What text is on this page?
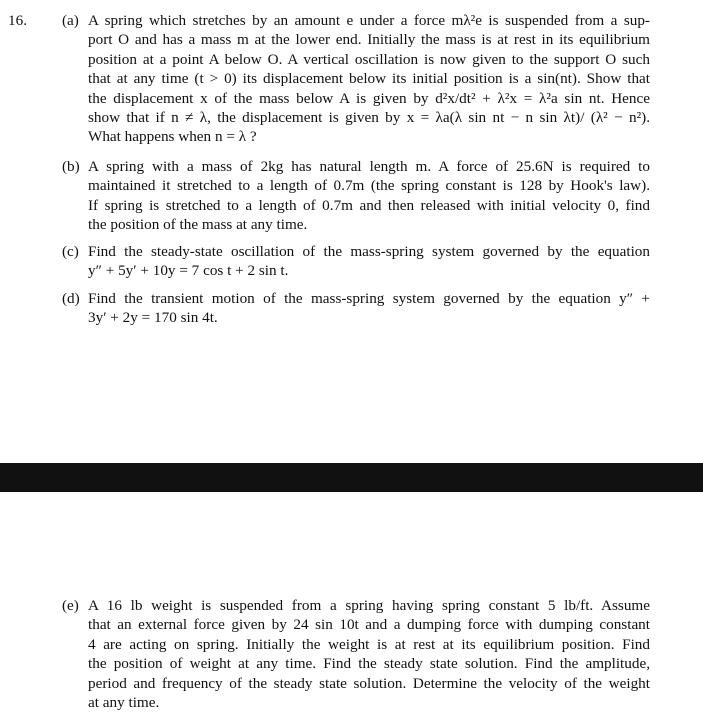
16. (a) A spring which stretches by an amount e under a force mλ²e is suspended from a sup-
port O and has a mass m at the lower end. Initially the mass is at rest in its equilibrium
position at a point A below O. A vertical oscillation is now given to the support O such
that at any time (t > 0) its displacement below its initial position is a sin(nt). Show that
the displacement x of the mass below A is given by d²x/dt² + λ²x = λ²a sin nt. Hence
show that if n ≠ λ, the displacement is given by x = λa(λ sin nt − n sin λt)/ (λ² − n²).
What happens when n = λ ?
(b) A spring with a mass of 2kg has natural length m. A force of 25.6N is required to
maintained it stretched to a length of 0.7m (the spring constant is 128 by Hook's law).
If spring is stretched to a length of 0.7m and then released with initial velocity 0, find
the position of the mass at any time.
(c) Find the steady-state oscillation of the mass-spring system governed by the equation
y″ + 5y′ + 10y = 7 cos t + 2 sin t.
(d) Find the transient motion of the mass-spring system governed by the equation y″ +
3y′ + 2y = 170 sin 4t.
(e) A 16 lb weight is suspended from a spring having spring constant 5 lb/ft. Assume
that an external force given by 24 sin 10t and a dumping force with dumping constant
4 are acting on spring. Initially the weight is at rest at its equilibrium position. Find
the position of weight at any time. Find the steady state solution. Find the amplitude,
period and frequency of the steady state solution. Determine the velocity of the weight
at any time.
